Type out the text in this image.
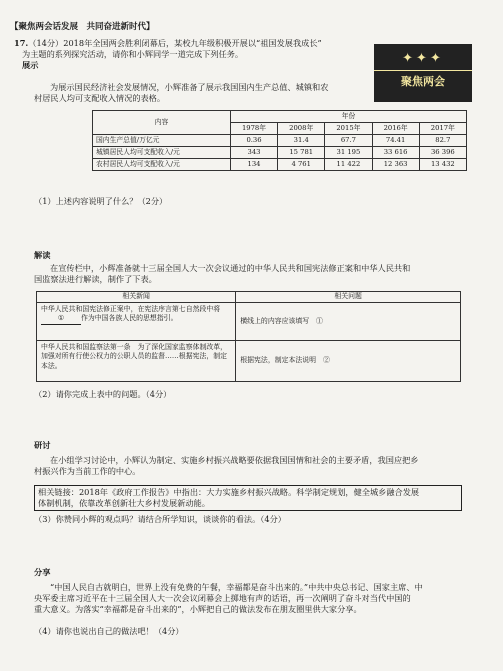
【聚焦两会话发展　共同奋进新时代】
17.（14分）2018年全国两会胜利闭幕后，某校九年级积极开展以“祖国发展我成长”
为主题的系列探究活动，请你和小辉同学一道完成下列任务。
展示	✦✦✦
聚焦两会
为展示国民经济社会发展情况，小辉准备了展示我国国内生产总值、城镇和农
村居民人均可支配收入情况的表格。
内容	年份				
	1978年	2008年	2015年	2016年	2017年
国内生产总值/万亿元	0.36	31.4	67.7	74.41	82.7
城镇居民人均可支配收入/元	343	15 781	31 195	33 616	36 396
农村居民人均可支配收入/元	134	4 761	11 422	12 363	13 432
（1）上述内容说明了什么？（2分）
解读
在宣传栏中，小辉准备就十三届全国人大一次会议通过的中华人民共和国宪法修正案和中华人民共和
国监察法进行解读，制作了下表。
相关新闻	相关问题
中华人民共和国宪法修正案中，在宪法序言第七自然段中将
① 作为中国各族人民的思想指引。	横线上的内容应该填写　①
中华人民共和国监察法第一条　为了深化国家监察体制改革，加强对所有行使公权力的公职人员的监督……根据宪法，制定本法。	根据宪法，制定本法说明　②
（2）请你完成上表中的问题。（4分）
研讨
在小组学习讨论中，小辉认为制定、实施乡村振兴战略要依据我国国情和社会的主要矛盾，我国应把乡
村振兴作为当前工作的中心。
相关链接：2018年《政府工作报告》中指出：大力实施乡村振兴战略。科学制定规划，健全城乡融合发展
体制机制，依靠改革创新壮大乡村发展新动能。
（3）你赞同小辉的观点吗？请结合所学知识，谈谈你的看法。（4分）
分享
“中国人民自古就明白，世界上没有免费的午餐，幸福都是奋斗出来的。”中共中央总书记、国家主席、中
央军委主席习近平在十三届全国人大一次会议闭幕会上掷地有声的话语，再一次阐明了奋斗对当代中国的
重大意义。为落实“幸福都是奋斗出来的”，小辉把自己的做法发布在朋友圈里供大家分享。
（4）请你也说出自己的做法吧！（4分）
